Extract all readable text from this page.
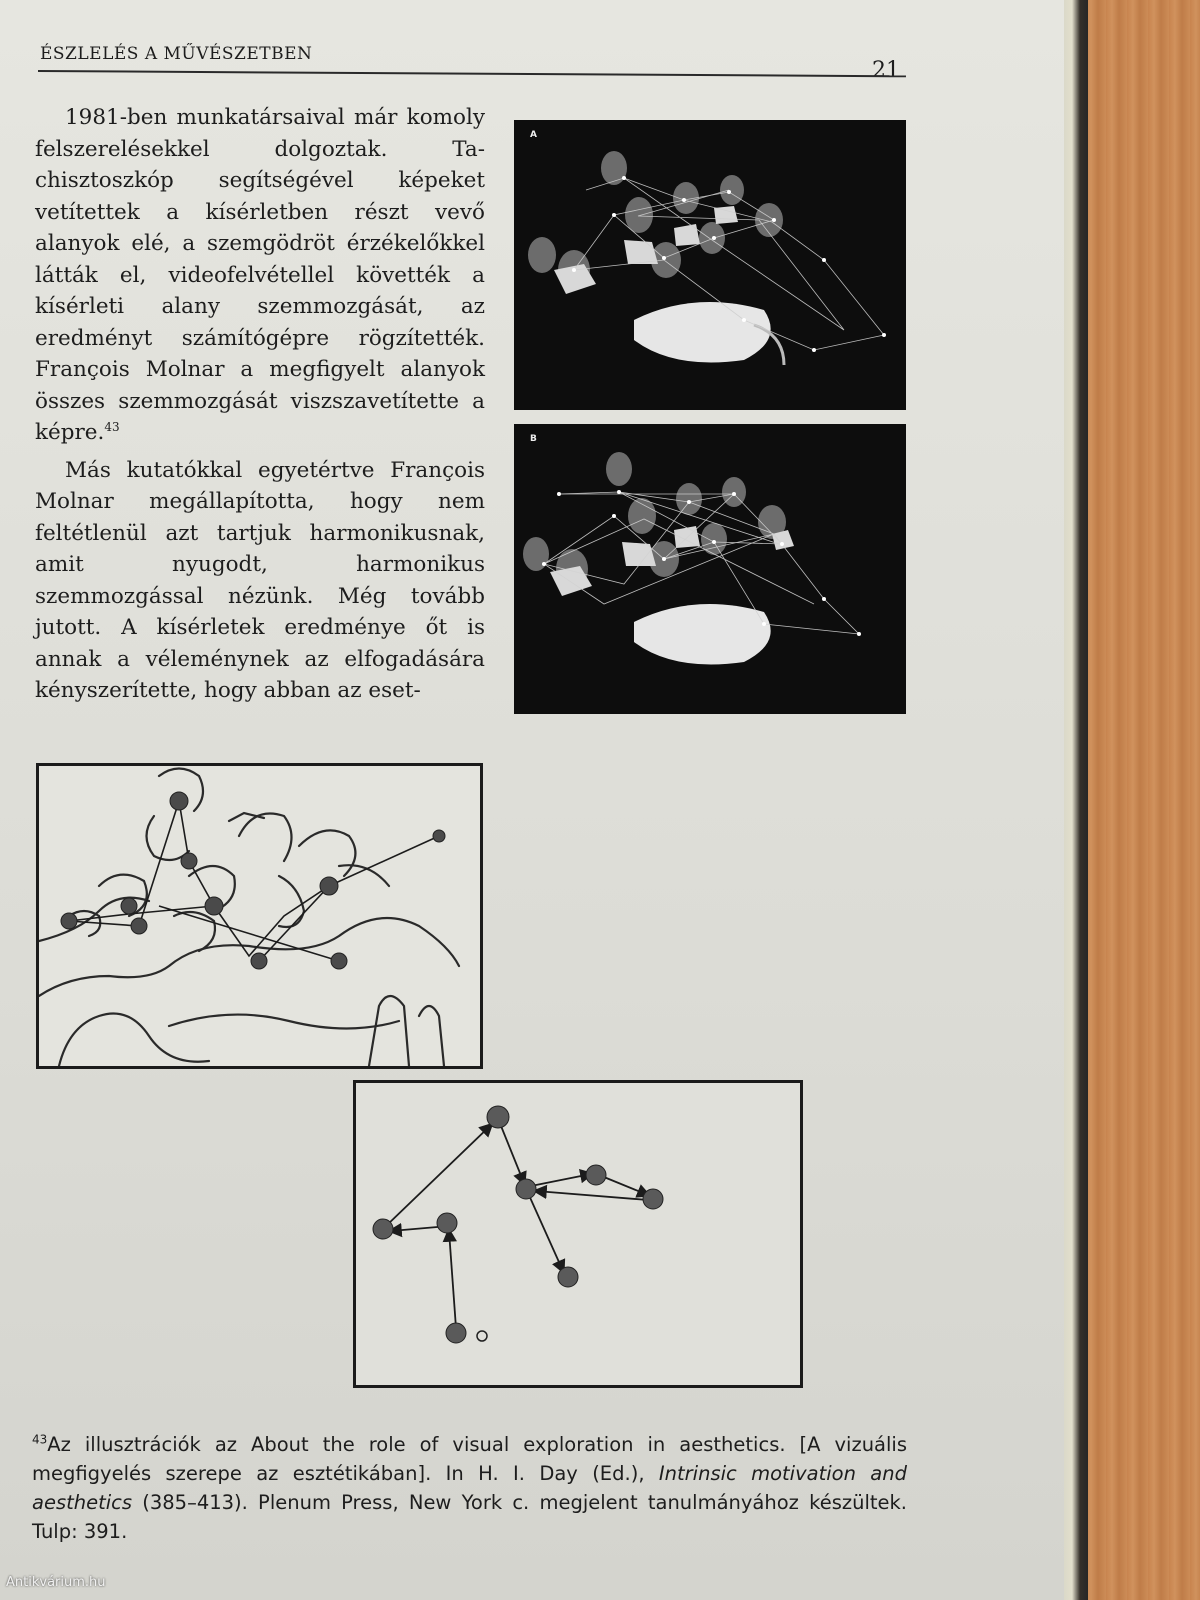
ÉSZLELÉS A MŰVÉSZETBEN
21

1981-ben munkatársaival már komoly felszerelésekkel dolgoztak. Tachisztoszkóp segítségével képeket vetítettek a kísérletben részt vevő alanyok elé, a szemgödröt érzékelőkkel látták el, videofelvétellel követték a kísérleti alany szemmozgását, az eredményt számítógépre rögzítették. François Molnar a megfigyelt alanyok összes szemmozgását viszszavetítette a képre.$^{43}$

Más kutatókkal egyetértve François Molnar megállapította, hogy nem feltétlenül azt tartjuk harmonikusnak, amit nyugodt, harmonikus szemmozgással nézünk. Még tovább jutott. A kísérletek eredménye őt is annak a véleménynek az elfogadására kényszerítette, hogy abban az eset-

A
B
$^{43}$Az illusztrációk az About the role of visual exploration in aesthetics. [A vizuális megfigyelés szerepe az esztétikában]. In H. I. Day (Ed.), Intrinsic motivation and aesthetics (385–413). Plenum Press, New York c. megjelent tanulmányához készültek. Tulp: 391.
Antikvárium.hu
